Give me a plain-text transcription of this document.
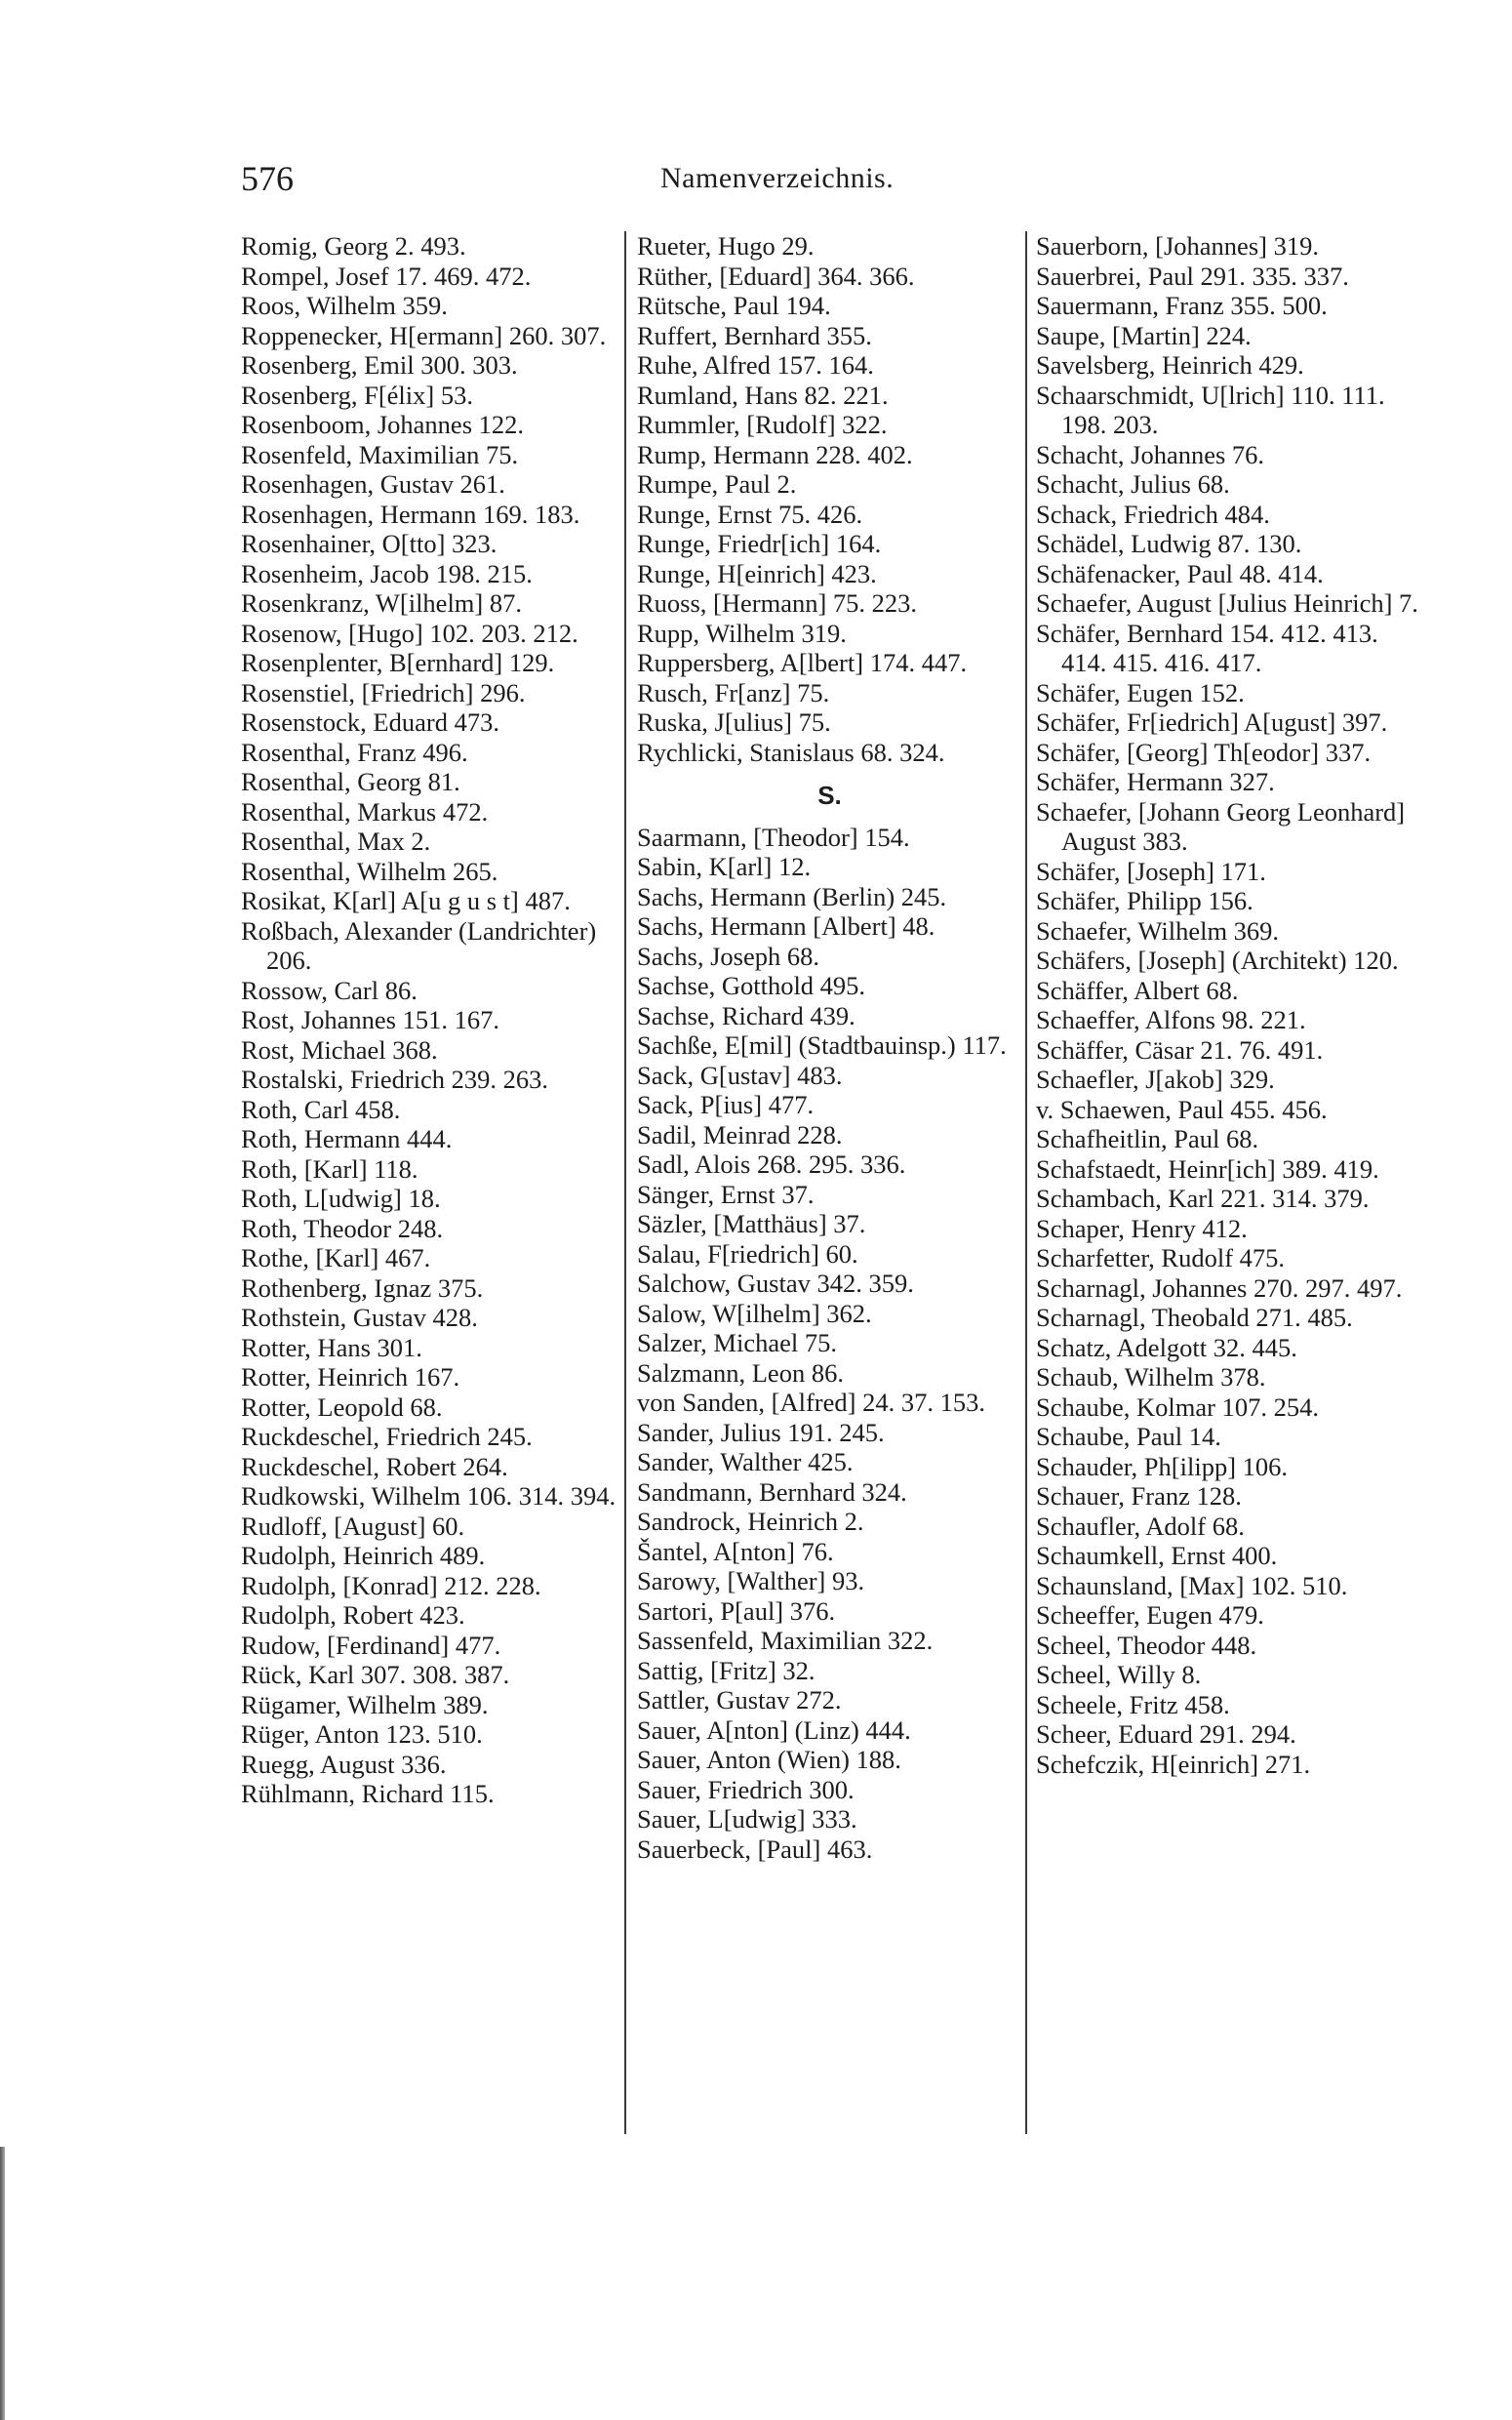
576	Namenverzeichnis.

Romig, Georg 2. 493.

Rompel, Josef 17. 469. 472.

Roos, Wilhelm 359.

Roppenecker, H[ermann] 260. 307.

Rosenberg, Emil 300. 303.

Rosenberg, F[élix] 53.

Rosenboom, Johannes 122.

Rosenfeld, Maximilian 75.

Rosenhagen, Gustav 261.

Rosenhagen, Hermann 169. 183.

Rosenhainer, O[tto] 323.

Rosenheim, Jacob 198. 215.

Rosenkranz, W[ilhelm] 87.

Rosenow, [Hugo] 102. 203. 212.

Rosenplenter, B[ernhard] 129.

Rosenstiel, [Friedrich] 296.

Rosenstock, Eduard 473.

Rosenthal, Franz 496.

Rosenthal, Georg 81.

Rosenthal, Markus 472.

Rosenthal, Max 2.

Rosenthal, Wilhelm 265.

Rosikat, K[arl] A[u g u s t] 487.

Roßbach, Alexander (Landrichter) 206.

Rossow, Carl 86.

Rost, Johannes 151. 167.

Rost, Michael 368.

Rostalski, Friedrich 239. 263.

Roth, Carl 458.

Roth, Hermann 444.

Roth, [Karl] 118.

Roth, L[udwig] 18.

Roth, Theodor 248.

Rothe, [Karl] 467.

Rothenberg, Ignaz 375.

Rothstein, Gustav 428.

Rotter, Hans 301.

Rotter, Heinrich 167.

Rotter, Leopold 68.

Ruckdeschel, Friedrich 245.

Ruckdeschel, Robert 264.

Rudkowski, Wilhelm 106. 314. 394.

Rudloff, [August] 60.

Rudolph, Heinrich 489.

Rudolph, [Konrad] 212. 228.

Rudolph, Robert 423.

Rudow, [Ferdinand] 477.

Rück, Karl 307. 308. 387.

Rügamer, Wilhelm 389.

Rüger, Anton 123. 510.

Ruegg, August 336.

Rühlmann, Richard 115.

Rueter, Hugo 29.

Rüther, [Eduard] 364. 366.

Rütsche, Paul 194.

Ruffert, Bernhard 355.

Ruhe, Alfred 157. 164.

Rumland, Hans 82. 221.

Rummler, [Rudolf] 322.

Rump, Hermann 228. 402.

Rumpe, Paul 2.

Runge, Ernst 75. 426.

Runge, Friedr[ich] 164.

Runge, H[einrich] 423.

Ruoss, [Hermann] 75. 223.

Rupp, Wilhelm 319.

Ruppersberg, A[lbert] 174. 447.

Rusch, Fr[anz] 75.

Ruska, J[ulius] 75.

Rychlicki, Stanislaus 68. 324.

S.

Saarmann, [Theodor] 154.

Sabin, K[arl] 12.

Sachs, Hermann (Berlin) 245.

Sachs, Hermann [Albert] 48.

Sachs, Joseph 68.

Sachse, Gotthold 495.

Sachse, Richard 439.

Sachße, E[mil] (Stadtbauinsp.) 117.

Sack, G[ustav] 483.

Sack, P[ius] 477.

Sadil, Meinrad 228.

Sadl, Alois 268. 295. 336.

Sänger, Ernst 37.

Säzler, [Matthäus] 37.

Salau, F[riedrich] 60.

Salchow, Gustav 342. 359.

Salow, W[ilhelm] 362.

Salzer, Michael 75.

Salzmann, Leon 86.

von Sanden, [Alfred] 24. 37. 153.

Sander, Julius 191. 245.

Sander, Walther 425.

Sandmann, Bernhard 324.

Sandrock, Heinrich 2.

Šantel, A[nton] 76.

Sarowy, [Walther] 93.

Sartori, P[aul] 376.

Sassenfeld, Maximilian 322.

Sattig, [Fritz] 32.

Sattler, Gustav 272.

Sauer, A[nton] (Linz) 444.

Sauer, Anton (Wien) 188.

Sauer, Friedrich 300.

Sauer, L[udwig] 333.

Sauerbeck, [Paul] 463.

Sauerborn, [Johannes] 319.

Sauerbrei, Paul 291. 335. 337.

Sauermann, Franz 355. 500.

Saupe, [Martin] 224.

Savelsberg, Heinrich 429.

Schaarschmidt, U[lrich] 110. 111. 198. 203.

Schacht, Johannes 76.

Schacht, Julius 68.

Schack, Friedrich 484.

Schädel, Ludwig 87. 130.

Schäfenacker, Paul 48. 414.

Schaefer, August [Julius Heinrich] 7.

Schäfer, Bernhard 154. 412. 413. 414. 415. 416. 417.

Schäfer, Eugen 152.

Schäfer, Fr[iedrich] A[ugust] 397.

Schäfer, [Georg] Th[eodor] 337.

Schäfer, Hermann 327.

Schaefer, [Johann Georg Leonhard] August 383.

Schäfer, [Joseph] 171.

Schäfer, Philipp 156.

Schaefer, Wilhelm 369.

Schäfers, [Joseph] (Architekt) 120.

Schäffer, Albert 68.

Schaeffer, Alfons 98. 221.

Schäffer, Cäsar 21. 76. 491.

Schaefler, J[akob] 329.

v. Schaewen, Paul 455. 456.

Schafheitlin, Paul 68.

Schafstaedt, Heinr[ich] 389. 419.

Schambach, Karl 221. 314. 379.

Schaper, Henry 412.

Scharfetter, Rudolf 475.

Scharnagl, Johannes 270. 297. 497.

Scharnagl, Theobald 271. 485.

Schatz, Adelgott 32. 445.

Schaub, Wilhelm 378.

Schaube, Kolmar 107. 254.

Schaube, Paul 14.

Schauder, Ph[ilipp] 106.

Schauer, Franz 128.

Schaufler, Adolf 68.

Schaumkell, Ernst 400.

Schaunsland, [Max] 102. 510.

Scheeffer, Eugen 479.

Scheel, Theodor 448.

Scheel, Willy 8.

Scheele, Fritz 458.

Scheer, Eduard 291. 294.

Schefczik, H[einrich] 271.
